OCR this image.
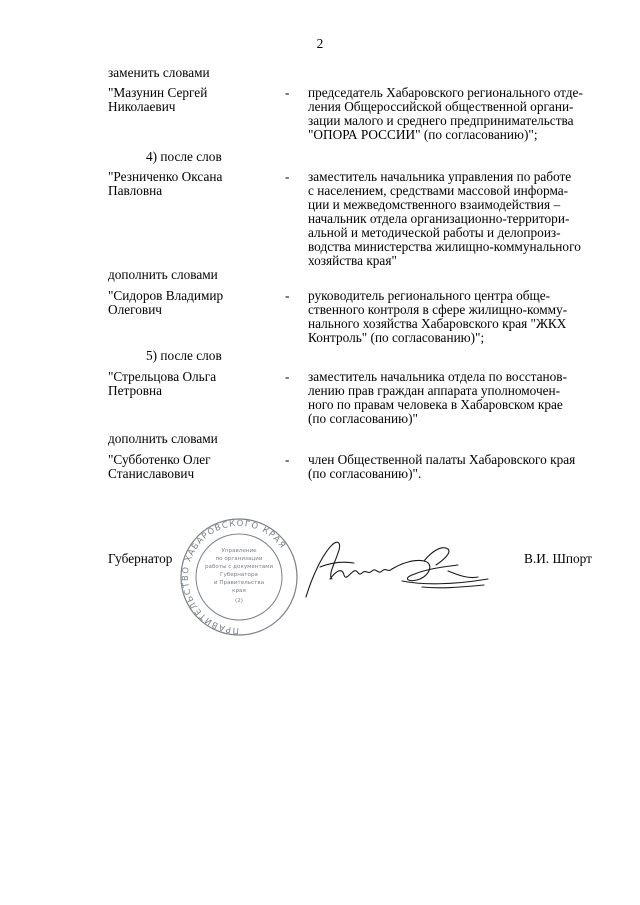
2
заменить словами
"Мазунин Сергей
Николаевич
- председатель Хабаровского регионального отде-
ления Общероссийской общественной органи-
зации малого и среднего предпринимательства
"ОПОРА РОССИИ" (по согласованию)";
4) после слов
"Резниченко Оксана
Павловна
- заместитель начальника управления по работе
с населением, средствами массовой информа-
ции и межведомственного взаимодействия –
начальник отдела организационно-территори-
альной и методической работы и делопроиз-
водства министерства жилищно-коммунального
хозяйства края"
дополнить словами
"Сидоров Владимир
Олегович
- руководитель регионального центра обще-
ственного контроля в сфере жилищно-комму-
нального хозяйства Хабаровского края "ЖКХ
Контроль" (по согласованию)";
5) после слов
"Стрельцова Ольга
Петровна
- заместитель начальника отдела по восстанов-
лению прав граждан аппарата уполномочен-
ного по правам человека в Хабаровском крае
(по согласованию)"
дополнить словами
"Субботенко Олег
Станиславович
- член Общественной палаты Хабаровского края
(по согласованию)".
ПРАВИТЕЛЬСТВО ХАБАРОВСКОГО КРАЯ
Управление
по организации
работы с документами
Губернатора
и Правительства
края
(2)
Губернатор	В.И. Шпорт
